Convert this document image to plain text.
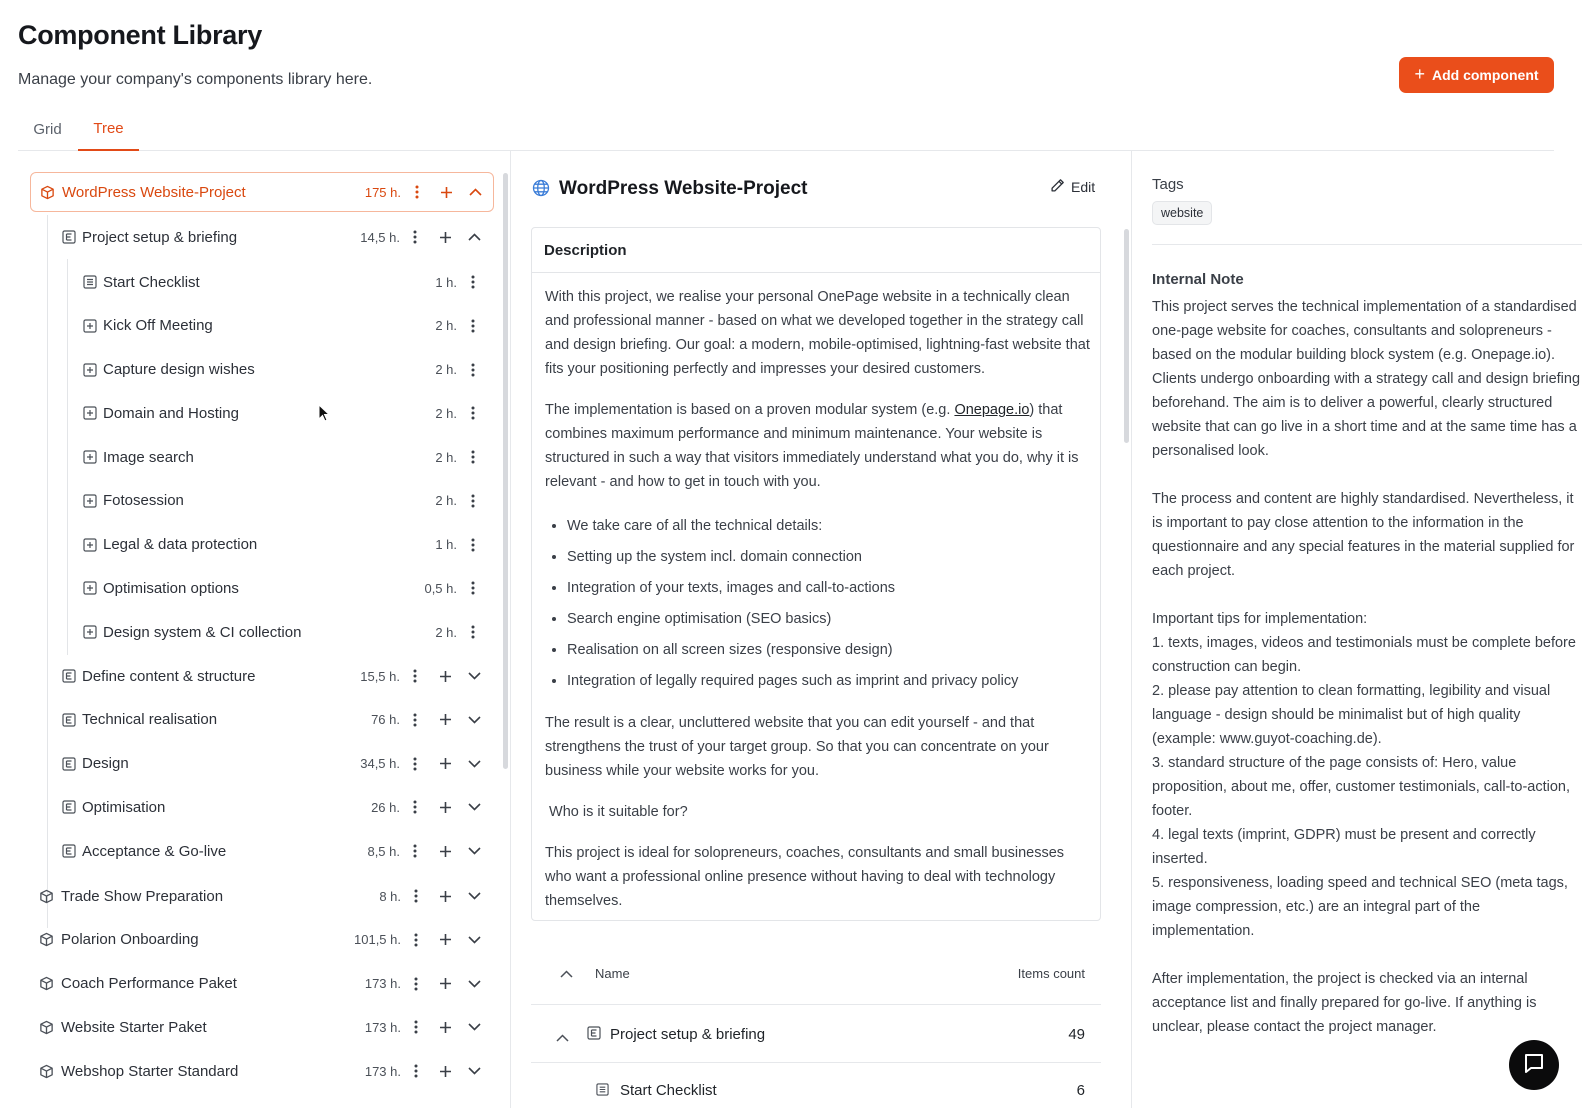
Component Library
Manage your company's components library here.	+ Add component
Grid	Tree
WordPress Website-Project	175 h.
Project setup & briefing	14,5 h.
Start Checklist	1 h.
Kick Off Meeting	2 h.
Capture design wishes	2 h.
Domain and Hosting	2 h.
Image search	2 h.
Fotosession	2 h.
Legal & data protection	1 h.
Optimisation options	0,5 h.
Design system & CI collection	2 h.
Define content & structure	15,5 h.
Technical realisation	76 h.
Design	34,5 h.
Optimisation	26 h.
Acceptance & Go-live	8,5 h.
Trade Show Preparation	8 h.
Polarion Onboarding	101,5 h.
Coach Performance Paket	173 h.
Website Starter Paket	173 h.
Webshop Starter Standard	173 h.
WordPress Website-Project	Edit
Description

With this project, we realise your personal OnePage website in a technically clean and professional manner - based on what we developed together in the strategy call and design briefing. Our goal: a modern, mobile-optimised, lightning-fast website that fits your positioning perfectly and impresses your desired customers.

The implementation is based on a proven modular system (e.g. Onepage.io) that combines maximum performance and minimum maintenance. Your website is structured in such a way that visitors immediately understand what you do, why it is relevant - and how to get in touch with you.

• We take care of all the technical details:
• Setting up the system incl. domain connection
• Integration of your texts, images and call-to-actions
• Search engine optimisation (SEO basics)
• Realisation on all screen sizes (responsive design)
• Integration of legally required pages such as imprint and privacy policy

The result is a clear, uncluttered website that you can edit yourself - and that strengthens the trust of your target group. So that you can concentrate on your business while your website works for you.

Who is it suitable for?

This project is ideal for solopreneurs, coaches, consultants and small businesses who want a professional online presence without having to deal with technology themselves.

Name	Items count
Project setup & briefing	49
Start Checklist	6
Tags
website
Internal Note
This project serves the technical implementation of a standardised one-page website for coaches, consultants and solopreneurs - based on the modular building block system (e.g. Onepage.io). Clients undergo onboarding with a strategy call and design briefing beforehand. The aim is to deliver a powerful, clearly structured website that can go live in a short time and at the same time has a personalised look.

The process and content are highly standardised. Nevertheless, it is important to pay close attention to the information in the questionnaire and any special features in the material supplied for each project.

Important tips for implementation:
1. texts, images, videos and testimonials must be complete before construction can begin.
2. please pay attention to clean formatting, legibility and visual language - design should be minimalist but of high quality (example: www.guyot-coaching.de).
3. standard structure of the page consists of: Hero, value proposition, about me, offer, customer testimonials, call-to-action, footer.
4. legal texts (imprint, GDPR) must be present and correctly inserted.
5. responsiveness, loading speed and technical SEO (meta tags, image compression, etc.) are an integral part of the implementation.

After implementation, the project is checked via an internal acceptance list and finally prepared for go-live. If anything is unclear, please contact the project manager.
